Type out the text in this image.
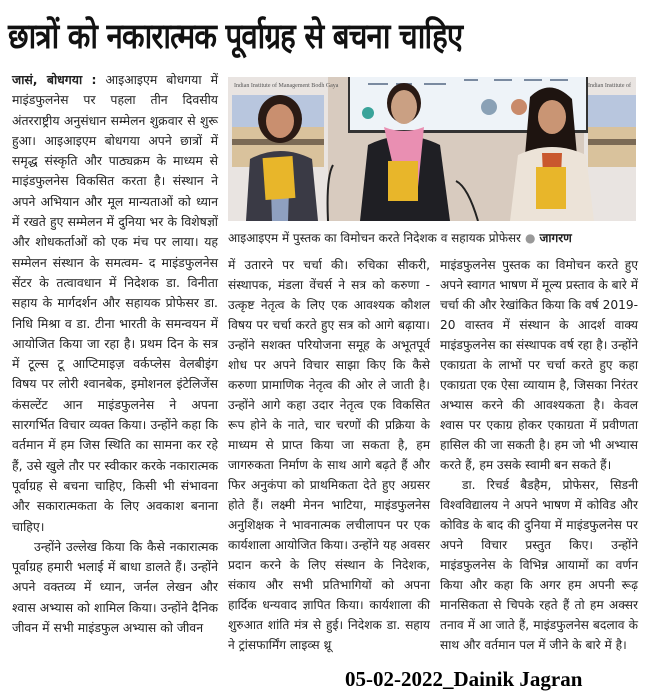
छात्रों को नकारात्मक पूर्वाग्रह से बचना चाहिए

जासं, बोधगया : आइआइएम बोधगया में माइंडफुलनेस पर पहला तीन दिवसीय अंतरराष्ट्रीय अनुसंधान सम्मेलन शुक्रवार से शुरू हुआ। आइआइएम बोधगया अपने छात्रों में समृद्ध संस्कृति और पाठ्यक्रम के माध्यम से माइंडफुलनेस विकसित करता है। संस्थान ने अपने अभियान और मूल मान्यताओं को ध्यान में रखते हुए सम्मेलन में दुनिया भर के विशेषज्ञों और शोधकर्ताओं को एक मंच पर लाया। यह सम्मेलन संस्थान के समत्वम- द माइंडफुलनेस सेंटर के तत्वावधान में निदेशक डा. विनीता सहाय के मार्गदर्शन और सहायक प्रोफेसर डा. निधि मिश्रा व डा. टीना भारती के समन्वयन में आयोजित किया जा रहा है। प्रथम दिन के सत्र में टूल्स टू आप्टिमाइज़ वर्कप्लेस वेलबीइंग विषय पर लोरी श्वानबेक, इमोशनल इंटेलिजेंस कंसल्टेंट आन माइंडफुलनेस ने अपना सारगर्भित विचार व्यक्त किया। उन्होंने कहा कि वर्तमान में हम जिस स्थिति का सामना कर रहे हैं, उसे खुले तौर पर स्वीकार करके नकारात्मक पूर्वाग्रह से बचना चाहिए, किसी भी संभावना और सकारात्मकता के लिए अवकाश बनाना चाहिए।

उन्होंने उल्लेख किया कि कैसे नकारात्मक पूर्वाग्रह हमारी भलाई में बाधा डालते हैं। उन्होंने अपने वक्तव्य में ध्यान, जर्नल लेखन और श्वास अभ्यास को शामिल किया। उन्होंने दैनिक जीवन में सभी माइंडफुल अभ्यास को जीवन

Indian Institute of Management Bodh Gaya	Indian Institute of
आइआइएम में पुस्तक का विमोचन करते निदेशक व सहायक प्रोफेसर ● जागरण

में उतारने पर चर्चा की। रुचिका सीकरी, संस्थापक, मंडला वेंचर्स ने सत्र को करुणा - उत्कृष्ट नेतृत्व के लिए एक आवश्यक कौशल विषय पर चर्चा करते हुए सत्र को आगे बढ़ाया। उन्होंने सशक्त परियोजना समूह के अभूतपूर्व शोध पर अपने विचार साझा किए कि कैसे करुणा प्रामाणिक नेतृत्व की ओर ले जाती है। उन्होंने आगे कहा उदार नेतृत्व एक विकसित रूप होने के नाते, चार चरणों की प्रक्रिया के माध्यम से प्राप्त किया जा सकता है, हम जागरुकता निर्माण के साथ आगे बढ़ते हैं और फिर अनुकंपा को प्राथमिकता देते हुए अग्रसर होते हैं। लक्ष्मी मेनन भाटिया, माइंडफुलनेस अनुशिक्षक ने भावनात्मक लचीलापन पर एक कार्यशाला आयोजित किया। उन्होंने यह अवसर प्रदान करने के लिए संस्थान के निदेशक, संकाय और सभी प्रतिभागियों को अपना हार्दिक धन्यवाद ज्ञापित किया। कार्यशाला की शुरुआत शांति मंत्र से हुई। निदेशक डा. सहाय ने ट्रांसफार्मिंग लाइव्स थ्रू

माइंडफुलनेस पुस्तक का विमोचन करते हुए अपने स्वागत भाषण में मूल्य प्रस्ताव के बारे में चर्चा की और रेखांकित किया कि वर्ष 2019-20 वास्तव में संस्थान के आदर्श वाक्य माइंडफुलनेस का संस्थापक वर्ष रहा है। उन्होंने एकाग्रता के लाभों पर चर्चा करते हुए कहा एकाग्रता एक ऐसा व्यायाम है, जिसका निरंतर अभ्यास करने की आवश्यकता है। केवल श्वास पर एकाग्र होकर एकाग्रता में प्रवीणता हासिल की जा सकती है। हम जो भी अभ्यास करते हैं, हम उसके स्वामी बन सकते हैं।

डा. रिचर्ड बैडहैम, प्रोफेसर, सिडनी विश्वविद्यालय ने अपने भाषण में कोविड और कोविड के बाद की दुनिया में माइंडफुलनेस पर अपने विचार प्रस्तुत किए। उन्होंने माइंडफुलनेस के विभिन्न आयामों का वर्णन किया और कहा कि अगर हम अपनी रूढ़ मानसिकता से चिपके रहते हैं तो हम अक्सर तनाव में आ जाते हैं, माइंडफुलनेस बदलाव के साथ और वर्तमान पल में जीने के बारे में है।

05-02-2022_Dainik Jagran
